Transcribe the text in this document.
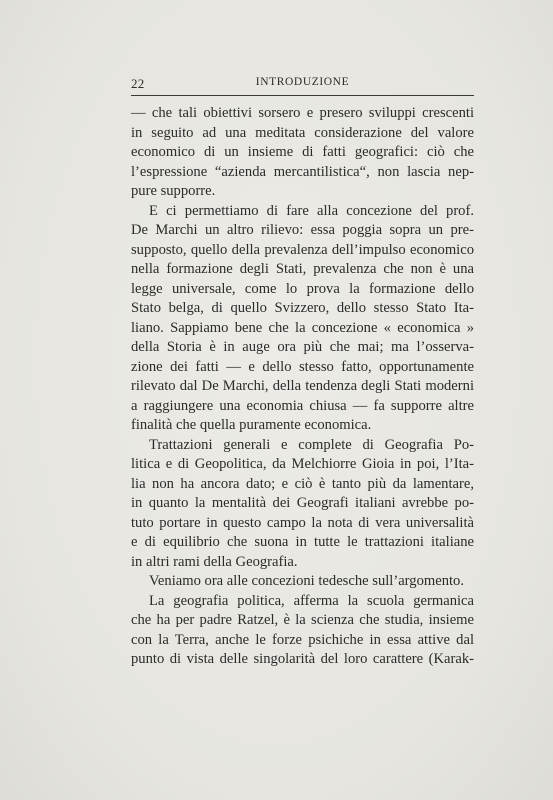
22	INTRODUZIONE
— che tali obiettivi sorsero e presero sviluppi crescenti
in seguito ad una meditata considerazione del valore
economico di un insieme di fatti geografici: ciò che
l’espressione “azienda mercantilistica“, non lascia nep-
pure supporre.
E ci permettiamo di fare alla concezione del prof.
De Marchi un altro rilievo: essa poggia sopra un pre-
supposto, quello della prevalenza dell’impulso economico
nella formazione degli Stati, prevalenza che non è una
legge universale, come lo prova la formazione dello
Stato belga, di quello Svizzero, dello stesso Stato Ita-
liano. Sappiamo bene che la concezione « economica »
della Storia è in auge ora più che mai; ma l’osserva-
zione dei fatti — e dello stesso fatto, opportunamente
rilevato dal De Marchi, della tendenza degli Stati moderni
a raggiungere una economia chiusa — fa supporre altre
finalità che quella puramente economica.
Trattazioni generali e complete di Geografia Po-
litica e di Geopolitica, da Melchiorre Gioia in poi, l’Ita-
lia non ha ancora dato; e ciò è tanto più da lamentare,
in quanto la mentalità dei Geografi italiani avrebbe po-
tuto portare in questo campo la nota di vera universalità
e di equilibrio che suona in tutte le trattazioni italiane
in altri rami della Geografia.
Veniamo ora alle concezioni tedesche sull’argomento.
La geografia politica, afferma la scuola germanica
che ha per padre Ratzel, è la scienza che studia, insieme
con la Terra, anche le forze psichiche in essa attive dal
punto di vista delle singolarità del loro carattere (Karak-
